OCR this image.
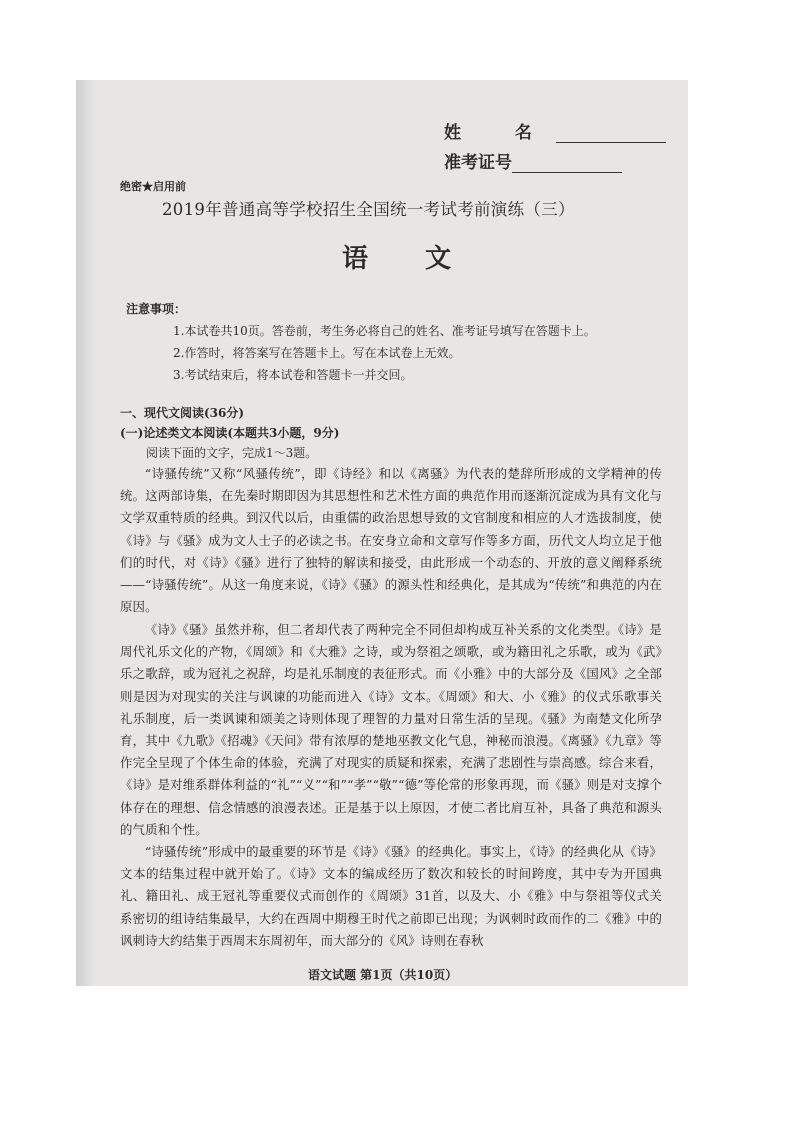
姓 名
准考证号
绝密★启用前
2019年普通高等学校招生全国统一考试考前演练（三）
语 文
注意事项：
1.本试卷共10页。答卷前，考生务必将自己的姓名、准考证号填写在答题卡上。
2.作答时，将答案写在答题卡上。写在本试卷上无效。
3.考试结束后，将本试卷和答题卡一并交回。
一、现代文阅读(36分)
(一)论述类文本阅读(本题共3小题，9分)
阅读下面的文字，完成1～3题。
“诗骚传统”又称“风骚传统”，即《诗经》和以《离骚》为代表的楚辞所形成的文学精神的传统。这两部诗集，在先秦时期即因为其思想性和艺术性方面的典范作用而逐渐沉淀成为具有文化与文学双重特质的经典。到汉代以后，由重儒的政治思想导致的文官制度和相应的人才选拔制度，使《诗》与《骚》成为文人士子的必读之书。在安身立命和文章写作等多方面，历代文人均立足于他们的时代，对《诗》《骚》进行了独特的解读和接受，由此形成一个动态的、开放的意义阐释系统——“诗骚传统”。从这一角度来说，《诗》《骚》的源头性和经典化，是其成为“传统”和典范的内在原因。
《诗》《骚》虽然并称，但二者却代表了两种完全不同但却构成互补关系的文化类型。《诗》是周代礼乐文化的产物，《周颂》和《大雅》之诗，或为祭祖之颂歌，或为籍田礼之乐歌，或为《武》乐之歌辞，或为冠礼之祝辞，均是礼乐制度的表征形式。而《小雅》中的大部分及《国风》之全部则是因为对现实的关注与讽谏的功能而进入《诗》文本。《周颂》和大、小《雅》的仪式乐歌事关礼乐制度，后一类讽谏和颂美之诗则体现了理智的力量对日常生活的呈现。《骚》为南楚文化所孕育，其中《九歌》《招魂》《天问》带有浓厚的楚地巫教文化气息，神秘而浪漫。《离骚》《九章》等作完全呈现了个体生命的体验，充满了对现实的质疑和探索，充满了悲剧性与崇高感。综合来看，《诗》是对维系群体利益的“礼”“义”“和”“孝”“敬”“德”等伦常的形象再现，而《骚》则是对支撑个体存在的理想、信念情感的浪漫表述。正是基于以上原因，才使二者比肩互补，具备了典范和源头的气质和个性。
“诗骚传统”形成中的最重要的环节是《诗》《骚》的经典化。事实上，《诗》的经典化从《诗》文本的结集过程中就开始了。《诗》文本的编成经历了数次和较长的时间跨度，其中专为开国典礼、籍田礼、成王冠礼等重要仪式而创作的《周颂》31首，以及大、小《雅》中与祭祖等仪式关系密切的组诗结集最早，大约在西周中期穆王时代之前即已出现；为讽刺时政而作的二《雅》中的讽刺诗大约结集于西周末东周初年，而大部分的《风》诗则在春秋
语文试题 第1页（共10页）
